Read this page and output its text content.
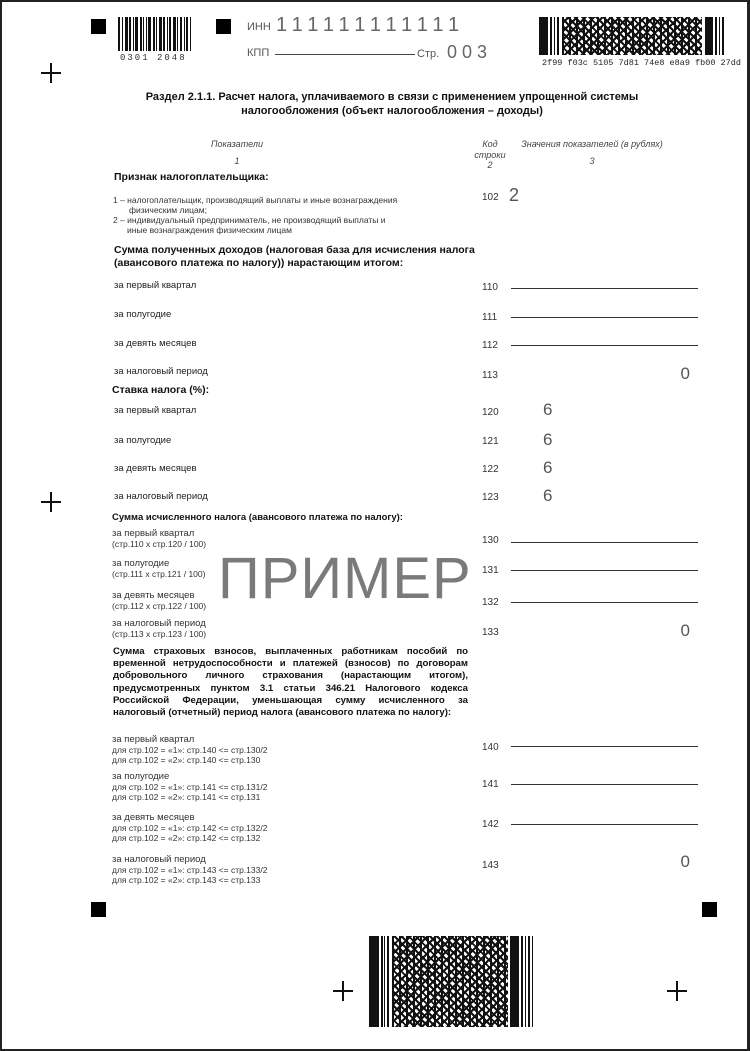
0301 2048
ИНН 111111111111
КПП	Стр. 003
2f99 f03c 5105 7d81 74e8 e8a9 fb00 27dd
Раздел 2.1.1. Расчет налога, уплачиваемого в связи с применением упрощенной системы
налогообложения (объект налогообложения – доходы)
Показатели
1
Код строки
2
Значения показателей (в рублях)
3
Признак налогоплательщика:
1 – налогоплательщик, производящий выплаты и иные вознаграждения
физическим лицам;
2 – индивидуальный предприниматель, не производящий выплаты и
иные вознаграждения физическим лицам
102 2
Сумма полученных доходов (налоговая база для исчисления налога
(авансового платежа по налогу)) нарастающим итогом:
за первый квартал	110
за полугодие	111
за девять месяцев	112
за налоговый период	113	0
Ставка налога (%):
за первый квартал	120	6
за полугодие	121	6
за девять месяцев	122	6
за налоговый период	123	6
Сумма исчисленного налога (авансового платежа по налогу):
за первый квартал
(стр.110 х стр.120 / 100)	130
за полугодие
(стр.111 х стр.121 / 100)	131
за девять месяцев
(стр.112 х стр.122 / 100)	132
за налоговый период
(стр.113 х стр.123 / 100)	133	0
ПРИМЕР
Сумма страховых взносов, выплаченных работникам пособий по временной нетрудоспособности и платежей (взносов) по договорам добровольного личного страхования (нарастающим итогом), предусмотренных пунктом 3.1 статьи 346.21 Налогового кодекса Российской Федерации, уменьшающая сумму исчисленного за налоговый (отчетный) период налога (авансового платежа по налогу):
за первый квартал
для стр.102 = «1»: стр.140 <= стр.130/2
для стр.102 = «2»: стр.140 <= стр.130
140
за полугодие
для стр.102 = «1»: стр.141 <= стр.131/2
для стр.102 = «2»: стр.141 <= стр.131
141
за девять месяцев
для стр.102 = «1»: стр.142 <= стр.132/2
для стр.102 = «2»: стр.142 <= стр.132
142
за налоговый период
для стр.102 = «1»: стр.143 <= стр.133/2
для стр.102 = «2»: стр.143 <= стр.133
143	0
